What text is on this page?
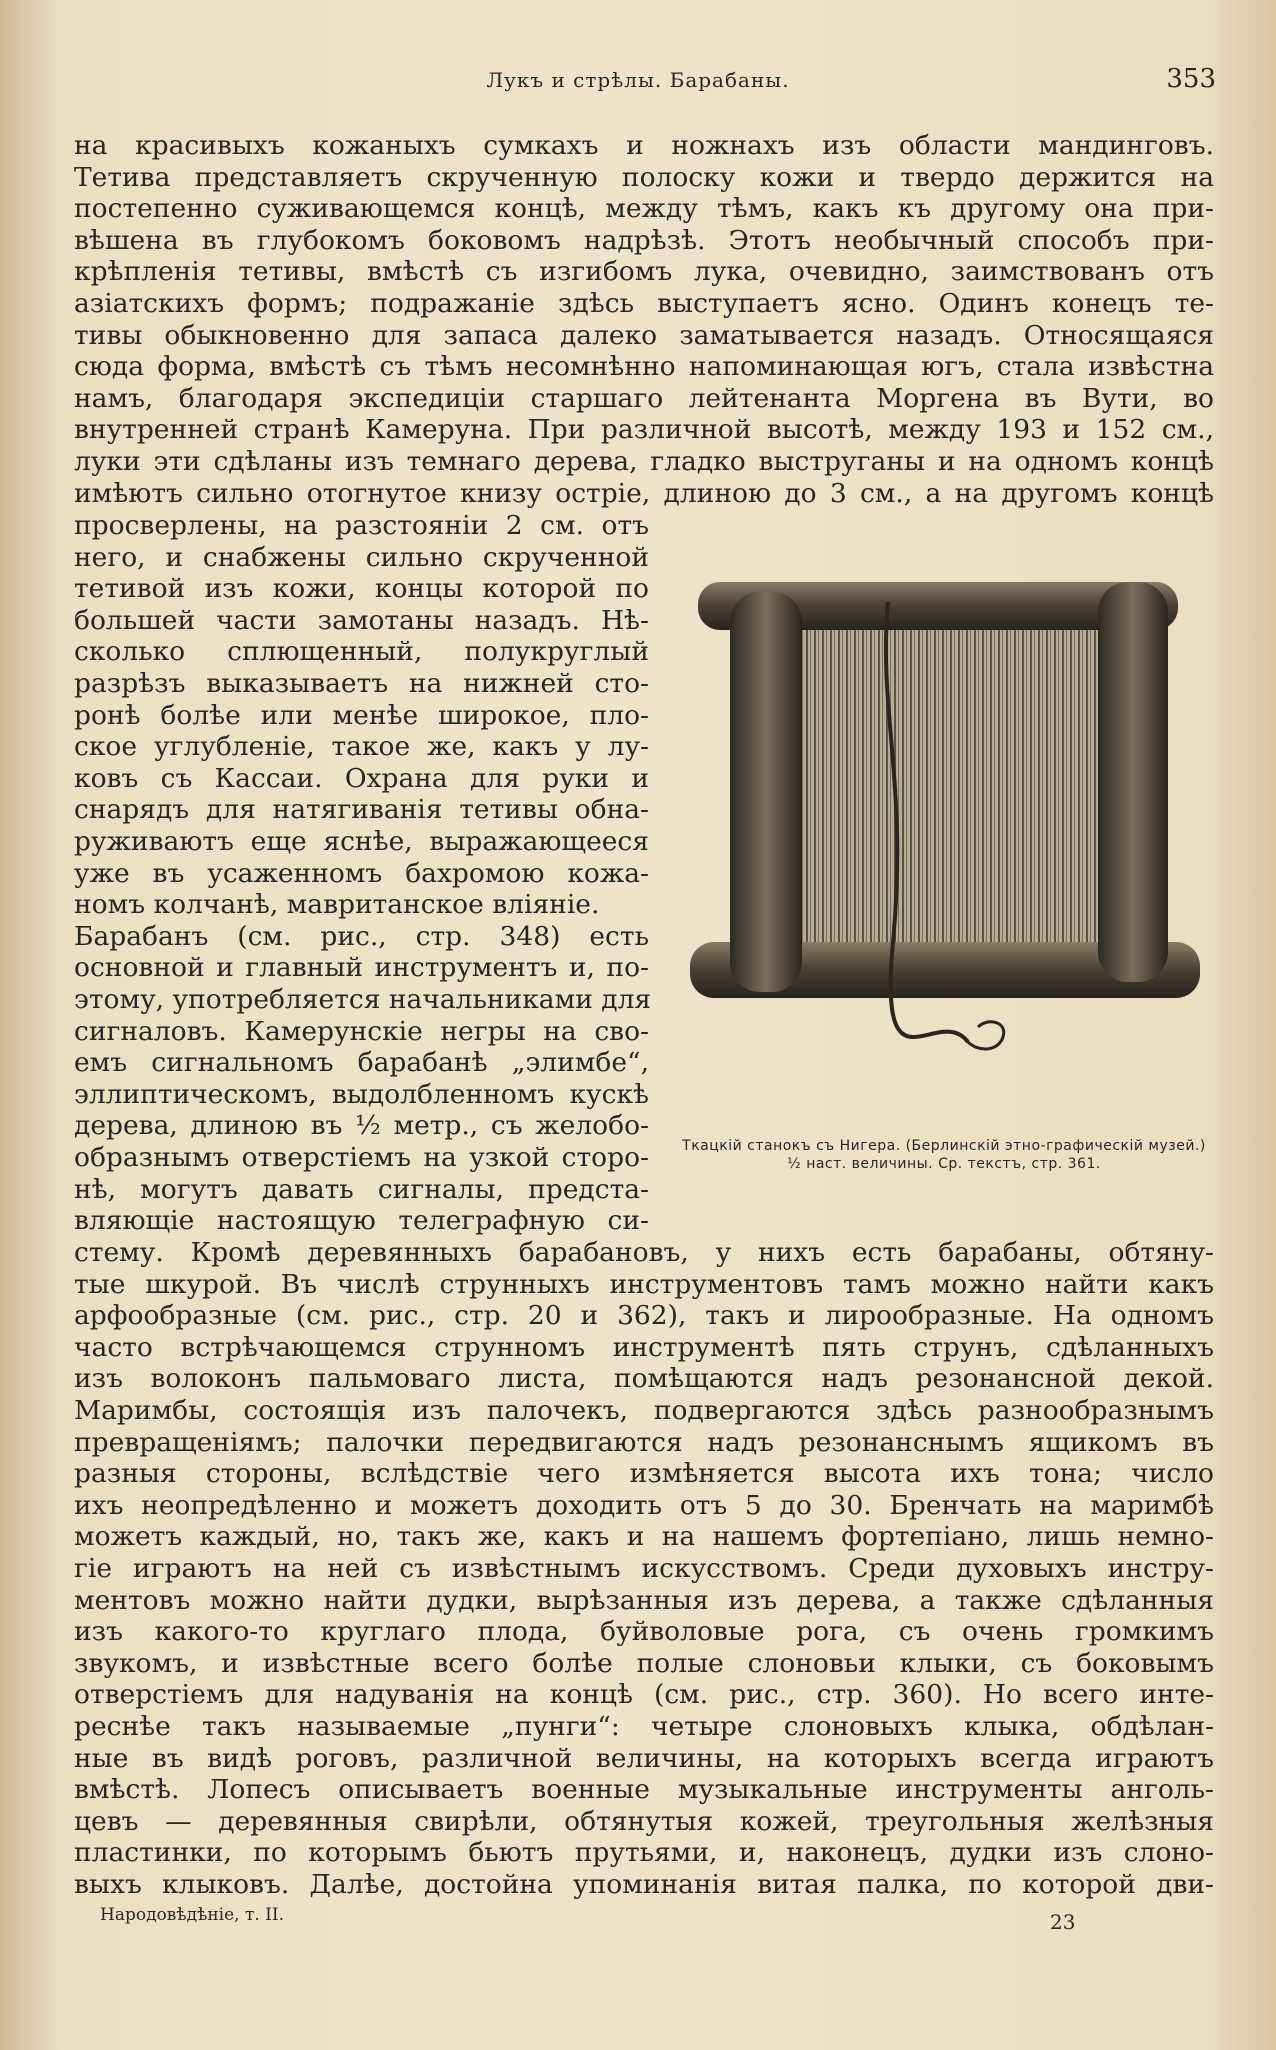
Лукъ и стрѣлы. Барабаны.	353
на красивыхъ кожаныхъ сумкахъ и ножнахъ изъ области мандинговъ.
Тетива представляетъ скрученную полоску кожи и твердо держится на
постепенно суживающемся концѣ, между тѣмъ, какъ къ другому она при-
вѣшена въ глубокомъ боковомъ надрѣзѣ. Этотъ необычный способъ при-
крѣпленія тетивы, вмѣстѣ съ изгибомъ лука, очевидно, заимствованъ отъ
азіатскихъ формъ; подражаніе здѣсь выступаетъ ясно. Одинъ конецъ те-
тивы обыкновенно для запаса далеко заматывается назадъ. Относящаяся
сюда форма, вмѣстѣ съ тѣмъ несомнѣнно напоминающая югъ, стала извѣстна
намъ, благодаря экспедиціи старшаго лейтенанта Моргена въ Вути, во
внутренней странѣ Камеруна. При различной высотѣ, между 193 и 152 см.,
луки эти сдѣланы изъ темнаго дерева, гладко выструганы и на одномъ концѣ
имѣютъ сильно отогнутое книзу остріе, длиною до 3 см., а на другомъ концѣ
просверлены, на разстояніи 2 см. отъ
него, и снабжены сильно скрученной
тетивой изъ кожи, концы которой по
большей части замотаны назадъ. Нѣ-
сколько сплющенный, полукруглый
разрѣзъ выказываетъ на нижней сто-
ронѣ болѣе или менѣе широкое, пло-
ское углубленіе, такое же, какъ у лу-
ковъ съ Кассаи. Охрана для руки и
снарядъ для натягиванія тетивы обна-
руживаютъ еще яснѣе, выражающееся
уже въ усаженномъ бахромою кожа-
номъ колчанѣ, мавританское вліяніе.
Барабанъ (см. рис., стр. 348) есть
основной и главный инструментъ и, по-
этому, употребляется начальниками для
сигналовъ. Камерунскіе негры на сво-
емъ сигнальномъ барабанѣ „элимбе“,
эллиптическомъ, выдолбленномъ кускѣ
дерева, длиною въ ½ метр., съ желобо-
образнымъ отверстіемъ на узкой сторо-
нѣ, могутъ давать сигналы, предста-
вляющіе настоящую телеграфную си-
стему. Кромѣ деревянныхъ барабановъ, у нихъ есть барабаны, обтяну-
тые шкурой. Въ числѣ струнныхъ инструментовъ тамъ можно найти какъ
арфообразные (см. рис., стр. 20 и 362), такъ и лирообразные. На одномъ
часто встрѣчающемся струнномъ инструментѣ пять струнъ, сдѣланныхъ
изъ волоконъ пальмоваго листа, помѣщаются надъ резонансной декой.
Маримбы, состоящія изъ палочекъ, подвергаются здѣсь разнообразнымъ
превращеніямъ; палочки передвигаются надъ резонанснымъ ящикомъ въ
разныя стороны, вслѣдствіе чего измѣняется высота ихъ тона; число
ихъ неопредѣленно и можетъ доходить отъ 5 до 30. Бренчать на маримбѣ
можетъ каждый, но, такъ же, какъ и на нашемъ фортепіано, лишь немно-
гіе играютъ на ней съ извѣстнымъ искусствомъ. Среди духовыхъ инстру-
ментовъ можно найти дудки, вырѣзанныя изъ дерева, а также сдѣланныя
изъ какого-то круглаго плода, буйволовые рога, съ очень громкимъ
звукомъ, и извѣстные всего болѣе полые слоновьи клыки, съ боковымъ
отверстіемъ для надуванія на концѣ (см. рис., стр. 360). Но всего инте-
реснѣе такъ называемые „пунги“: четыре слоновыхъ клыка, обдѣлан-
ные въ видѣ роговъ, различной величины, на которыхъ всегда играютъ
вмѣстѣ. Лопесъ описываетъ военные музыкальные инструменты анголь-
цевъ — деревянныя свирѣли, обтянутыя кожей, треугольныя желѣзныя
пластинки, по которымъ бьютъ прутьями, и, наконецъ, дудки изъ слоно-
выхъ клыковъ. Далѣе, достойна упоминанія витая палка, по которой дви-
Ткацкій станокъ съ Нигера. (Берлинскій этно-графическій музей.) ½ наст. величины. Ср. текстъ, стр. 361.
Народовѣдѣніе, т. II.	23
